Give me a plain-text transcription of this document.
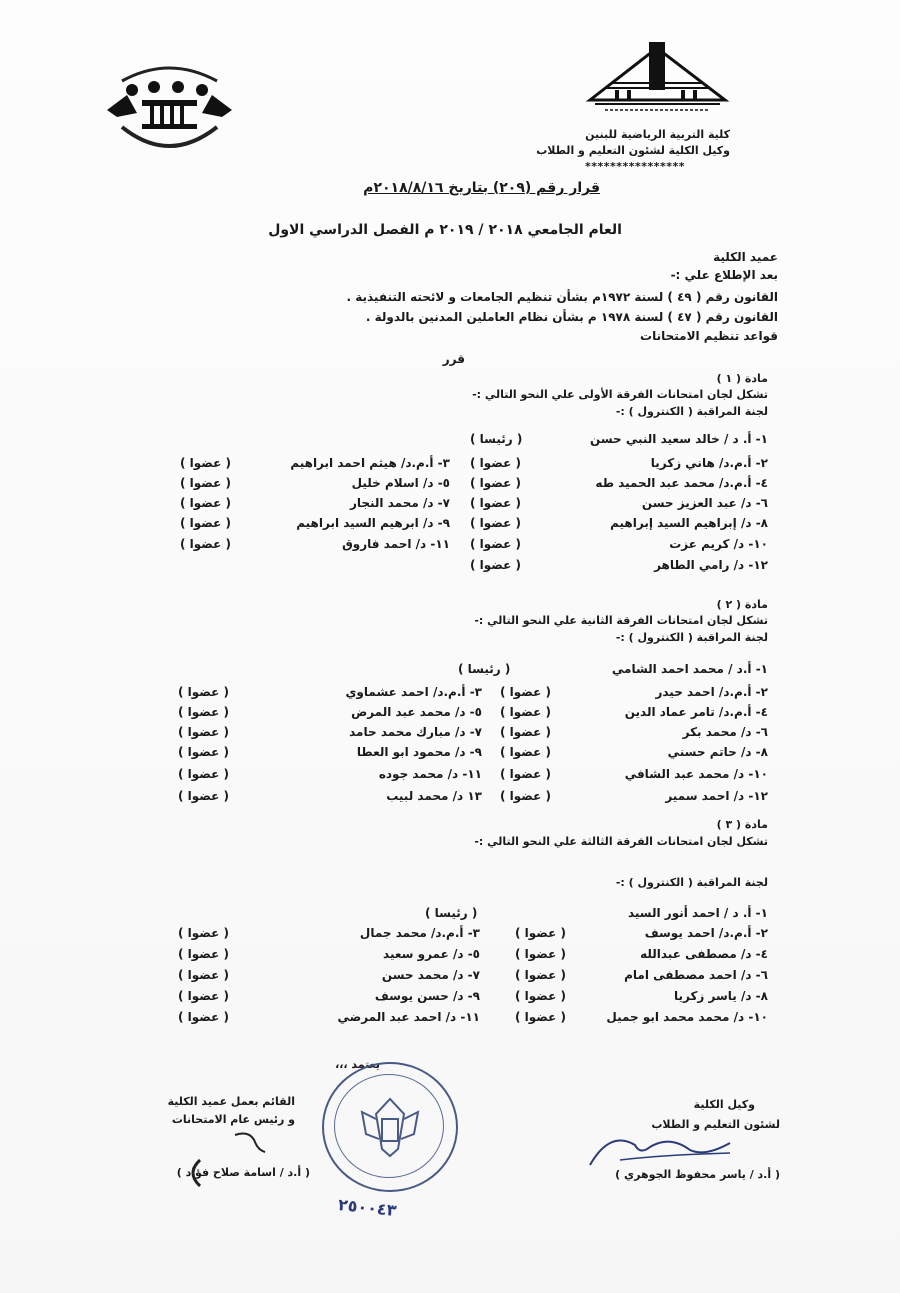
كلية التربية الرياضية للبنين
وكيل الكلية لشئون التعليم و الطلاب
****************
قرار رقم (٢٠٩) بتاريخ ٢٠١٨/٨/١٦م
العام الجامعي ٢٠١٨ / ٢٠١٩ م الفصل الدراسي الاول
عميد الكلية
بعد الإطلاع علي :-
القانون رقم ( ٤٩ ) لسنة ١٩٧٢م بشأن تنظيم الجامعات و لائحته التنفيذية .
القانون رقم ( ٤٧ ) لسنة ١٩٧٨ م بشأن نظام العاملين المدنين بالدولة .
قواعد تنظيم الامتحانات
قرر
مادة ( ١ )
تشكل لجان امتحانات الفرقة الأولى علي النحو التالي :-
لجنة المراقبة ( الكنترول ) :-
١- أ. د / خالد سعيد النبي حسن
( رئيسا )
٢- أ.م.د/ هاني زكريا
( عضوا )
٣- أ.م.د/ هيثم احمد ابراهيم
( عضوا )
٤- أ.م.د/ محمد عبد الحميد طه
( عضوا )
٥- د/ اسلام خليل
( عضوا )
٦- د/ عبد العزيز حسن
( عضوا )
٧- د/ محمد النجار
( عضوا )
٨- د/ إبراهيم السيد إبراهيم
( عضوا )
٩- د/ ابرهيم السيد ابراهيم
( عضوا )
١٠- د/ كريم عزت
( عضوا )
١١- د/ احمد فاروق
( عضوا )
١٢- د/ رامي الطاهر
( عضوا )
مادة ( ٢ )
تشكل لجان امتحانات الفرقة الثانية علي النحو التالي :-
لجنة المراقبة ( الكنترول ) :-
١- أ.د / محمد احمد الشامي
( رئيسا )
٢- أ.م.د/ احمد حيدر
( عضوا )
٣- أ.م.د/ احمد عشماوي
( عضوا )
٤- أ.م.د/ تامر عماد الدين
( عضوا )
٥- د/ محمد عبد المرض
( عضوا )
٦- د/ محمد بكر
( عضوا )
٧- د/ مبارك محمد حامد
( عضوا )
٨- د/ حاتم حسني
( عضوا )
٩- د/ محمود ابو العطا
( عضوا )
١٠- د/ محمد عبد الشافي
( عضوا )
١١- د/ محمد جوده
( عضوا )
١٢- د/ احمد سمير
( عضوا )
١٣ د/ محمد لبيب
( عضوا )
مادة ( ٣ )
تشكل لجان امتحانات الفرقة الثالثة علي النحو التالي :-
لجنة المراقبة ( الكنترول ) :-
١- أ. د / احمد أنور السيد
( رئيسا )
٢- أ.م.د/ احمد يوسف
( عضوا )
٣- أ.م.د/ محمد جمال
( عضوا )
٤- د/ مصطفى عبدالله
( عضوا )
٥- د/ عمرو سعيد
( عضوا )
٦- د/ احمد مصطفى امام
( عضوا )
٧- د/ محمد حسن
( عضوا )
٨- د/ ياسر زكريا
( عضوا )
٩- د/ حسن يوسف
( عضوا )
١٠- د/ محمد محمد ابو جميل
( عضوا )
١١- د/ احمد عبد المرضي
( عضوا )
يعتمد ،،،
وكيل الكلية
لشئون التعليم و الطلاب
( أ.د / ياسر محفوظ الجوهري )
القائم بعمل عميد الكلية
و رئيس عام الامتحانات
( أ.د / اسامة صلاح فؤاد )
٢٥٠٠٤٣
